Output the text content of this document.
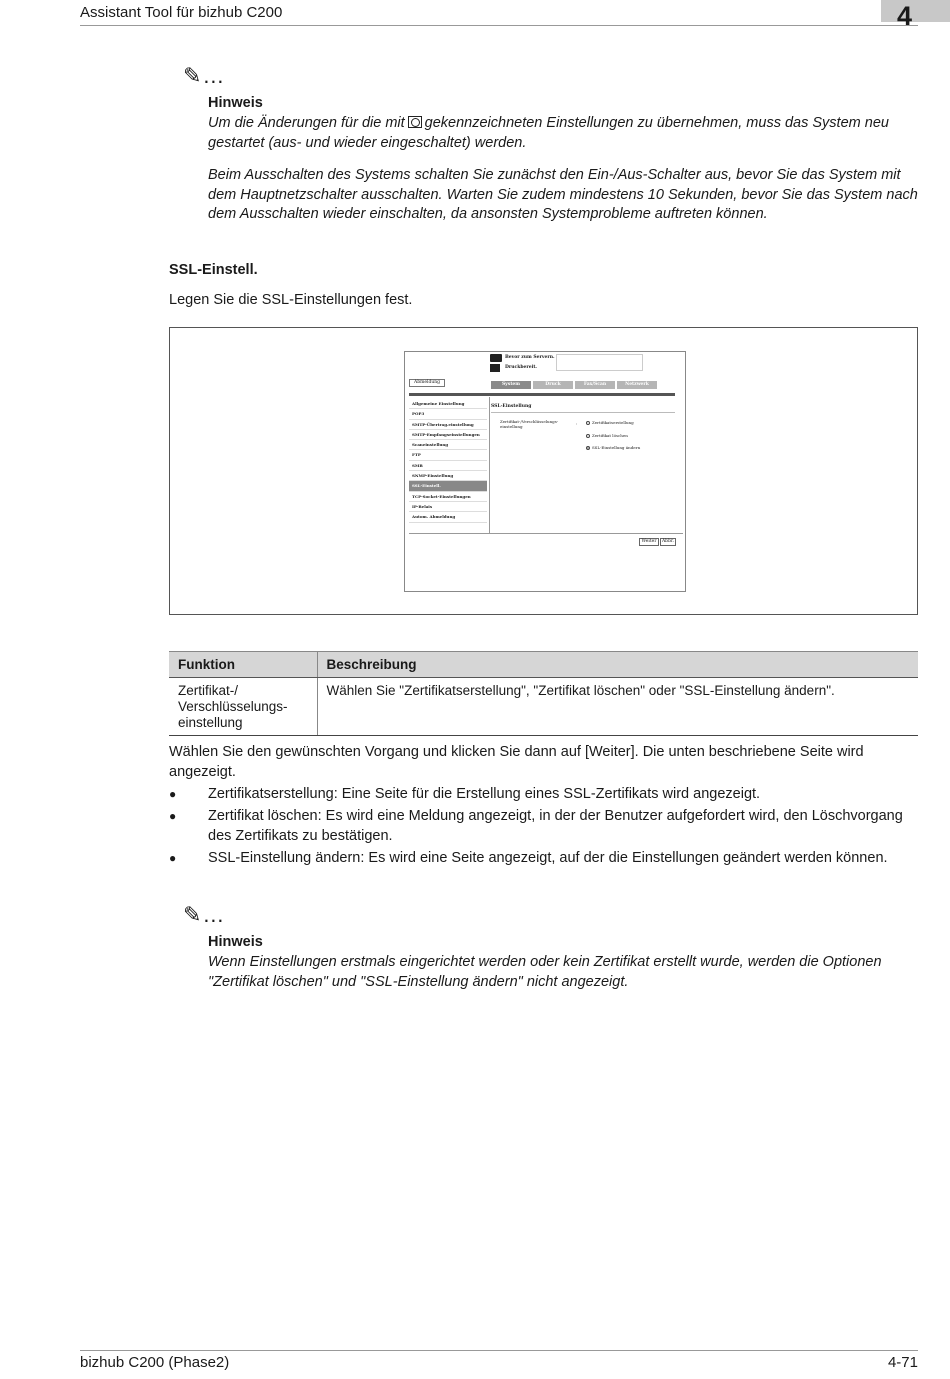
Assistant Tool für bizhub C200	4
✎…
Hinweis
Um die Änderungen für die mit gekennzeichneten Einstellungen zu übernehmen, muss das System neu gestartet (aus- und wieder eingeschaltet) werden.
Beim Ausschalten des Systems schalten Sie zunächst den Ein-/Aus-Schalter aus, bevor Sie das System mit dem Hauptnetzschalter ausschalten. Warten Sie zudem mindestens 10 Sekunden, bevor Sie das System nach dem Ausschalten wieder einschalten, da ansonsten Systemprobleme auftreten können.
SSL-Einstell.
Legen Sie die SSL-Einstellungen fest.
Bevor zum Servern.
Druckbereit.
Abmeldung	System	Druck	Fax/Scan	Netzwerk
Allgemeine Einstellung
POP3
SMTP-Übertrag.einstellung
SMTP-Empfangseinstellungen
Scaneinstellung
FTP
SMB
SNMP-Einstellung
SSL-Einstell.
TCP-Socket-Einstellungen
IP-Relais
Autom. Abmeldung
SSL-Einstellung
Zertifikat-/Verschlüsselungs-einstellung
:	Zertifikatserstellung
Zertifikat löschen
SSL-Einstellung ändern
Weiter	Abbr.
Funktion	Beschreibung

Zertifikat-/
Verschlüsselungs-
einstellung	Wählen Sie "Zertifikatserstellung", "Zertifikat löschen" oder "SSL-Einstellung ändern".
Wählen Sie den gewünschten Vorgang und klicken Sie dann auf [Weiter]. Die unten beschriebene Seite wird angezeigt.
● Zertifikatserstellung: Eine Seite für die Erstellung eines SSL-Zertifikats wird angezeigt.
● Zertifikat löschen: Es wird eine Meldung angezeigt, in der der Benutzer aufgefordert wird, den Löschvorgang des Zertifikats zu bestätigen.
● SSL-Einstellung ändern: Es wird eine Seite angezeigt, auf der die Einstellungen geändert werden können.
✎…
Hinweis
Wenn Einstellungen erstmals eingerichtet werden oder kein Zertifikat erstellt wurde, werden die Optionen "Zertifikat löschen" und "SSL-Einstellung ändern" nicht angezeigt.
bizhub C200 (Phase2)	4-71
